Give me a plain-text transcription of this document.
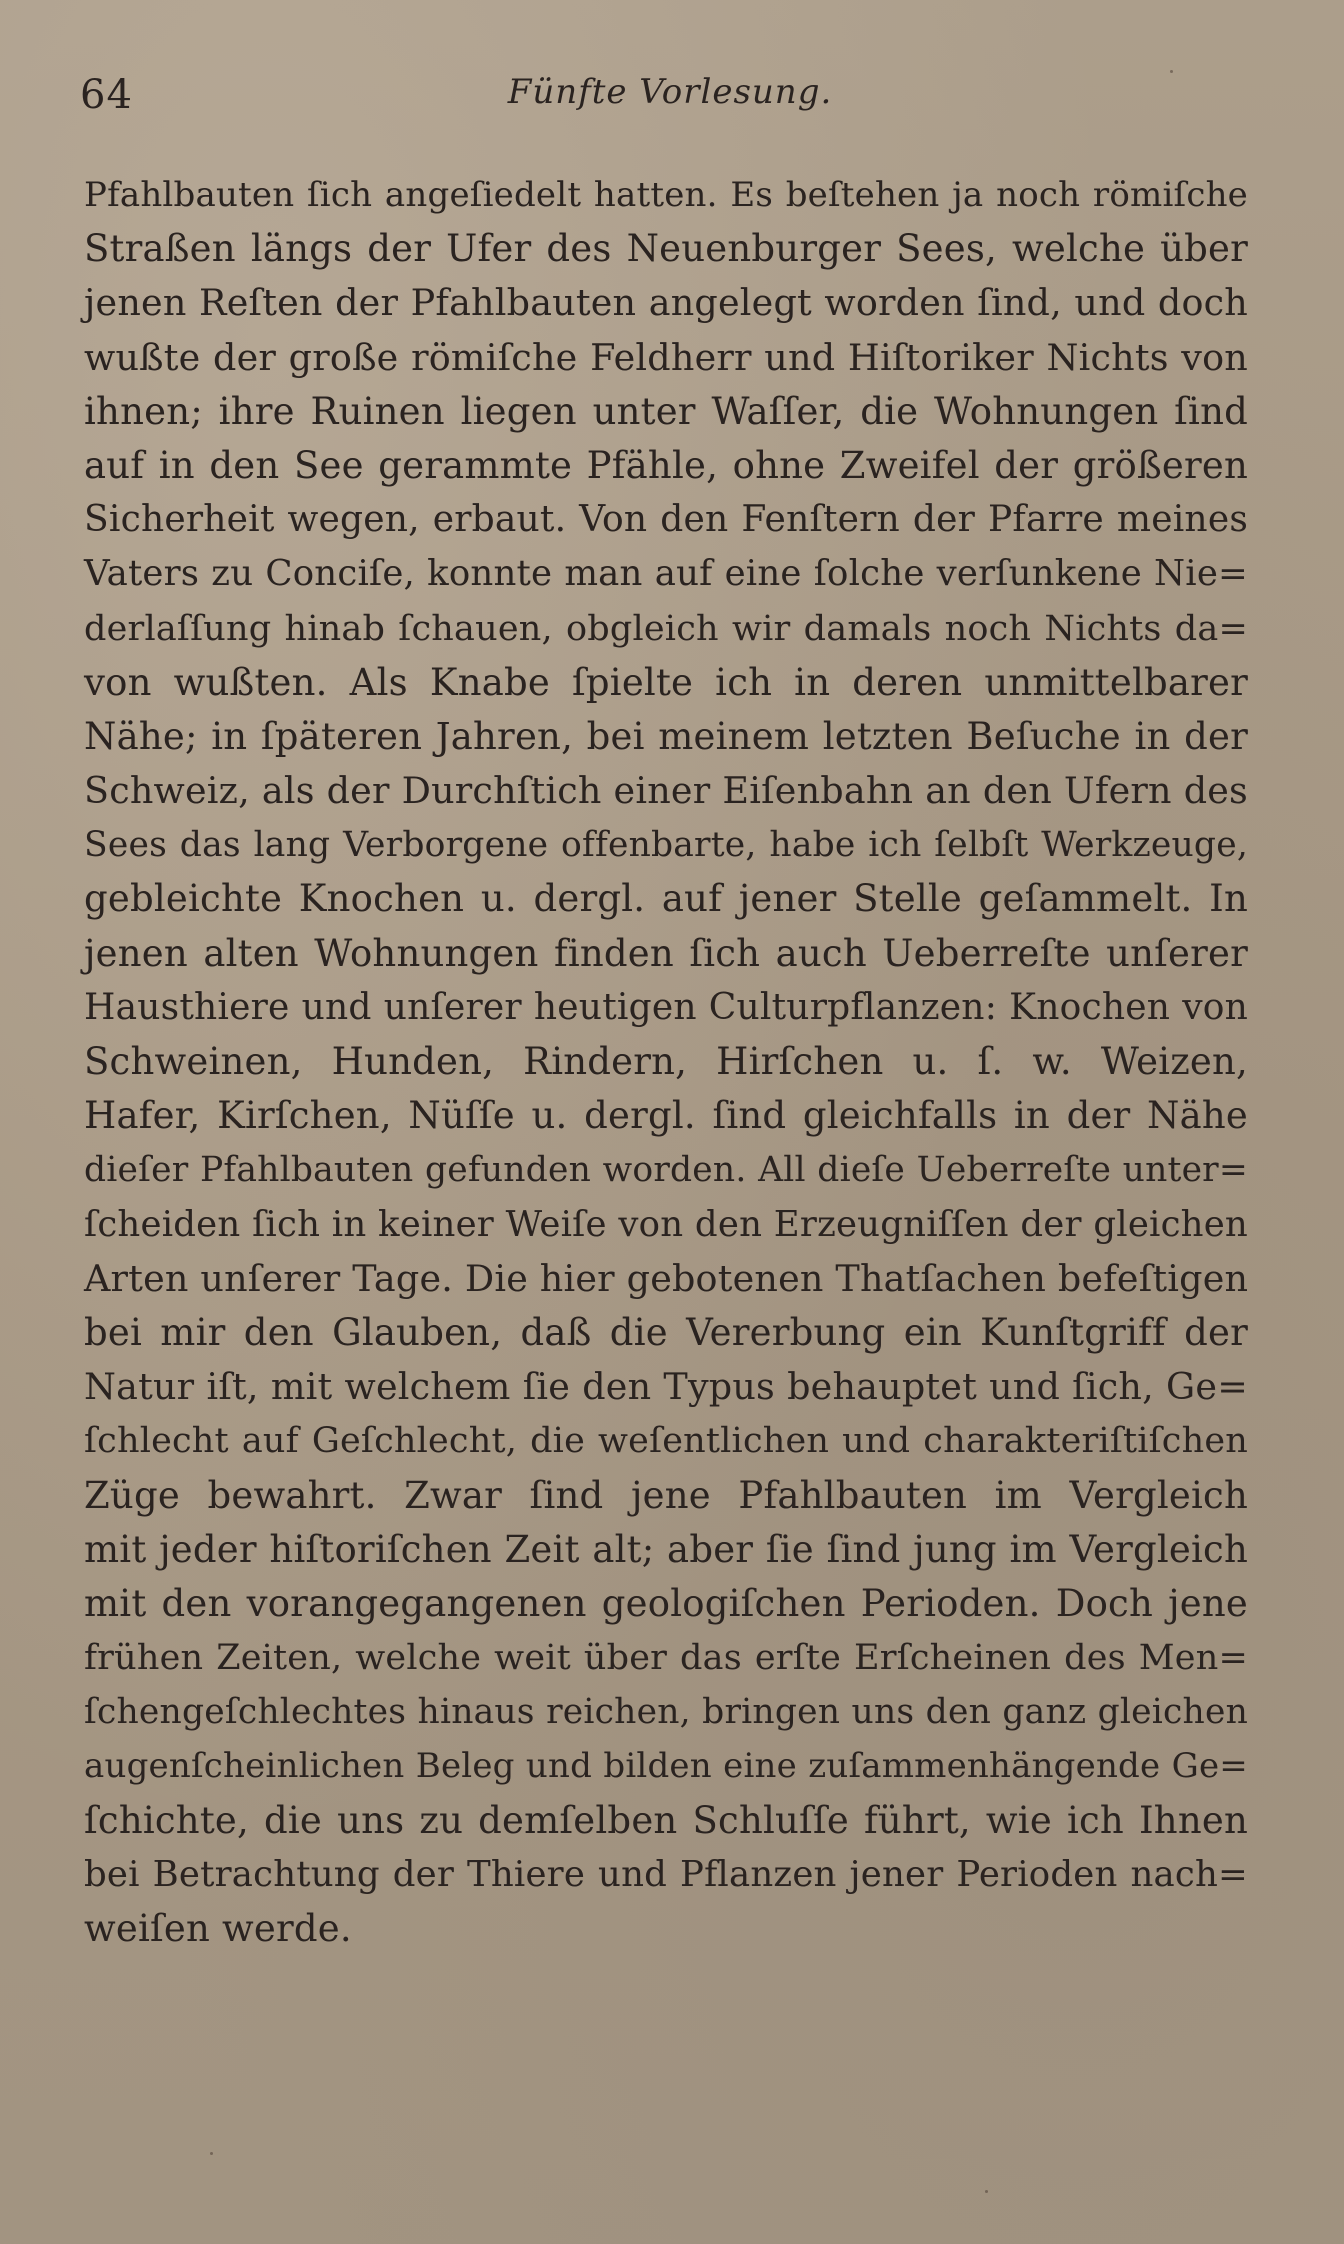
64	Fünfte Vorlesung.
Pfahlbauten ſich angeſiedelt hatten. Es beſtehen ja noch römiſche
Straßen längs der Ufer des Neuenburger Sees, welche über
jenen Reſten der Pfahlbauten angelegt worden ſind, und doch
wußte der große römiſche Feldherr und Hiſtoriker Nichts von
ihnen; ihre Ruinen liegen unter Waſſer, die Wohnungen ſind
auf in den See gerammte Pfähle, ohne Zweifel der größeren
Sicherheit wegen, erbaut. Von den Fenſtern der Pfarre meines
Vaters zu Conciſe, konnte man auf eine ſolche verſunkene Nie=
derlaſſung hinab ſchauen, obgleich wir damals noch Nichts da=
von wußten. Als Knabe ſpielte ich in deren unmittelbarer
Nähe; in ſpäteren Jahren, bei meinem letzten Beſuche in der
Schweiz, als der Durchſtich einer Eiſenbahn an den Ufern des
Sees das lang Verborgene offenbarte, habe ich ſelbſt Werkzeuge,
gebleichte Knochen u. dergl. auf jener Stelle geſammelt. In
jenen alten Wohnungen finden ſich auch Ueberreſte unſerer
Hausthiere und unſerer heutigen Culturpflanzen: Knochen von
Schweinen, Hunden, Rindern, Hirſchen u. ſ. w. Weizen,
Hafer, Kirſchen, Nüſſe u. dergl. ſind gleichfalls in der Nähe
dieſer Pfahlbauten gefunden worden. All dieſe Ueberreſte unter=
ſcheiden ſich in keiner Weiſe von den Erzeugniſſen der gleichen
Arten unſerer Tage. Die hier gebotenen Thatſachen befeſtigen
bei mir den Glauben, daß die Vererbung ein Kunſtgriff der
Natur iſt, mit welchem ſie den Typus behauptet und ſich, Ge=
ſchlecht auf Geſchlecht, die weſentlichen und charakteriſtiſchen
Züge bewahrt. Zwar ſind jene Pfahlbauten im Vergleich
mit jeder hiſtoriſchen Zeit alt; aber ſie ſind jung im Vergleich
mit den vorangegangenen geologiſchen Perioden. Doch jene
frühen Zeiten, welche weit über das erſte Erſcheinen des Men=
ſchengeſchlechtes hinaus reichen, bringen uns den ganz gleichen
augenſcheinlichen Beleg und bilden eine zuſammenhängende Ge=
ſchichte, die uns zu demſelben Schluſſe führt, wie ich Ihnen
bei Betrachtung der Thiere und Pflanzen jener Perioden nach=
weiſen werde.
